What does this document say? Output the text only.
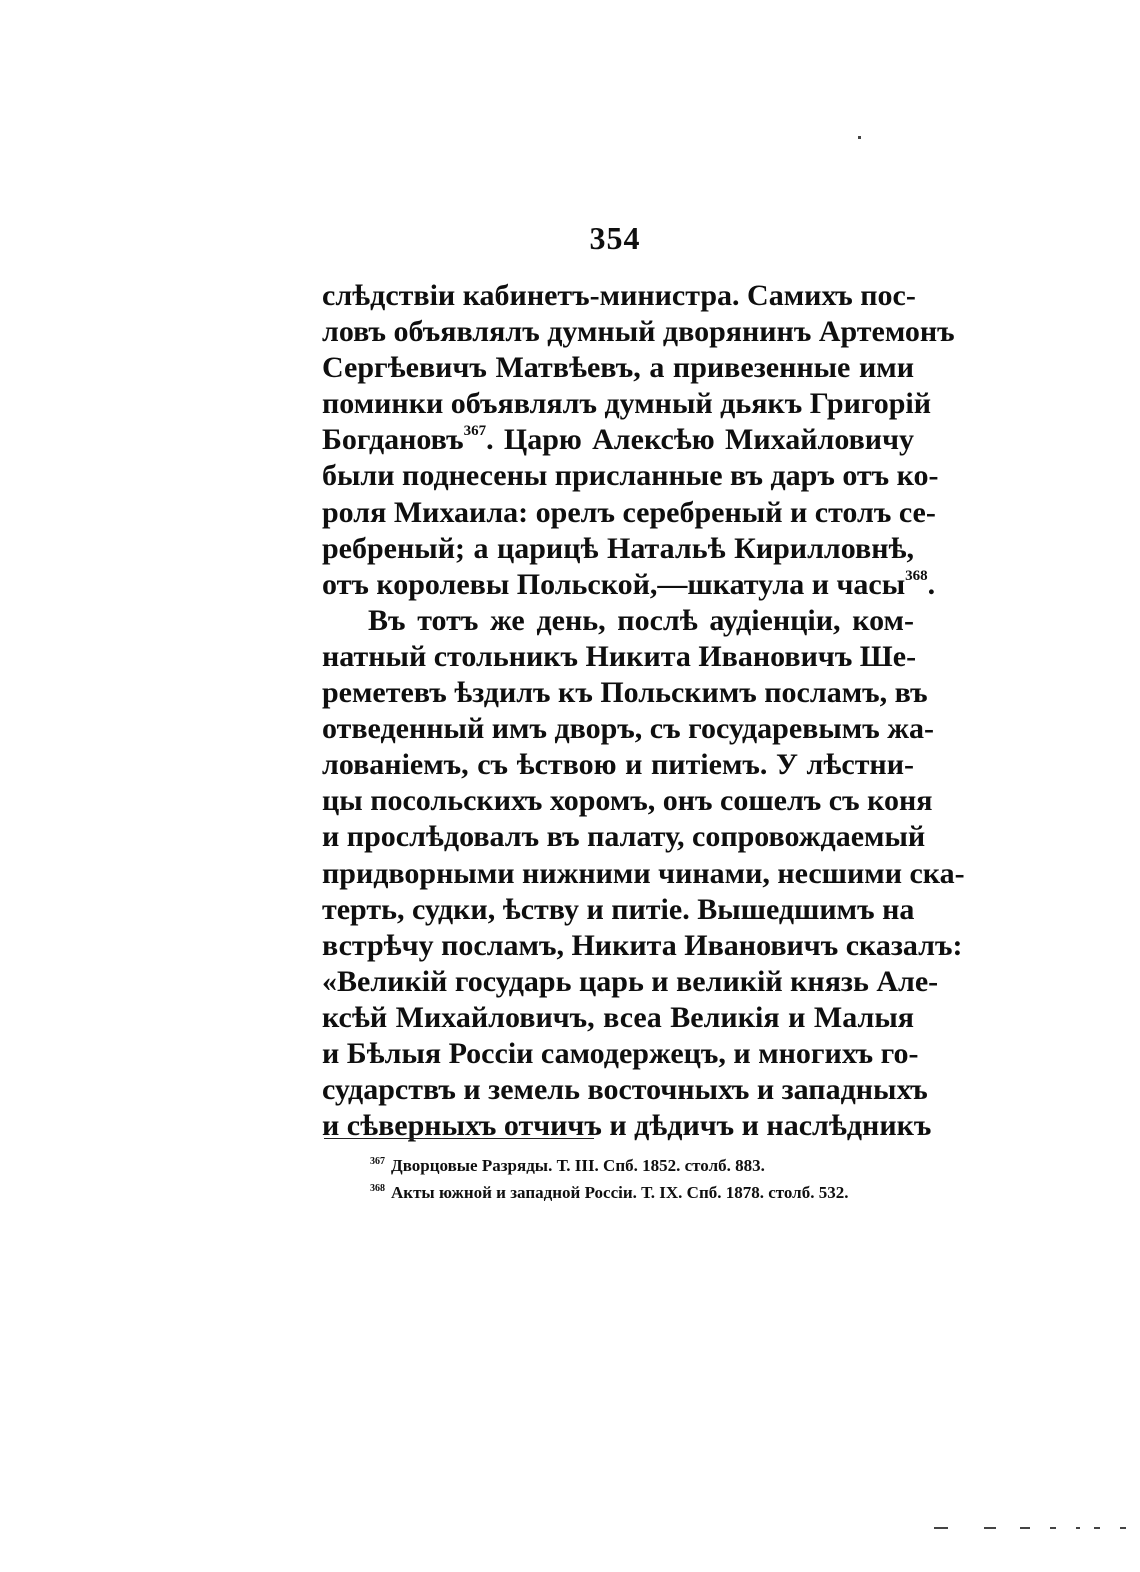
354
слѣдствіи кабинетъ-министра. Самихъ пос-
ловъ объявлялъ думный дворянинъ Артемонъ
Сергѣевичъ Матвѣевъ, а привезенные ими
поминки объявлялъ думный дьякъ Григорій
Богдановъ$^{367}$. Царю Алексѣю Михайловичу
были поднесены присланные въ даръ отъ ко-
роля Михаила: орелъ серебреный и столъ се-
ребреный; а царицѣ Натальѣ Кирилловнѣ,
отъ королевы Польской,—шкатула и часы$^{368}$.
Въ тотъ же день, послѣ аудіенціи, ком-
натный стольникъ Никита Ивановичъ Ше-
реметевъ ѣздилъ къ Польскимъ посламъ, въ
отведенный имъ дворъ, съ государевымъ жа-
лованіемъ, съ ѣствою и питіемъ. У лѣстни-
цы посольскихъ хоромъ, онъ сошелъ съ коня
и прослѣдовалъ въ палату, сопровождаемый
придворными нижними чинами, несшими ска-
терть, судки, ѣству и питіе. Вышедшимъ на
встрѣчу посламъ, Никита Ивановичъ сказалъ:
«Великій государь царь и великій князь Але-
ксѣй Михайловичъ, всеа Великія и Малыя
и Бѣлыя Россіи самодержецъ, и многихъ го-
сударствъ и земель восточныхъ и западныхъ
и сѣверныхъ отчичъ и дѣдичъ и наслѣдникъ
$^{367}$ Дворцовые Разряды. Т. III. Спб. 1852. столб. 883.
$^{368}$ Акты южной и западной Россіи. Т. IX. Спб. 1878. столб. 532.
